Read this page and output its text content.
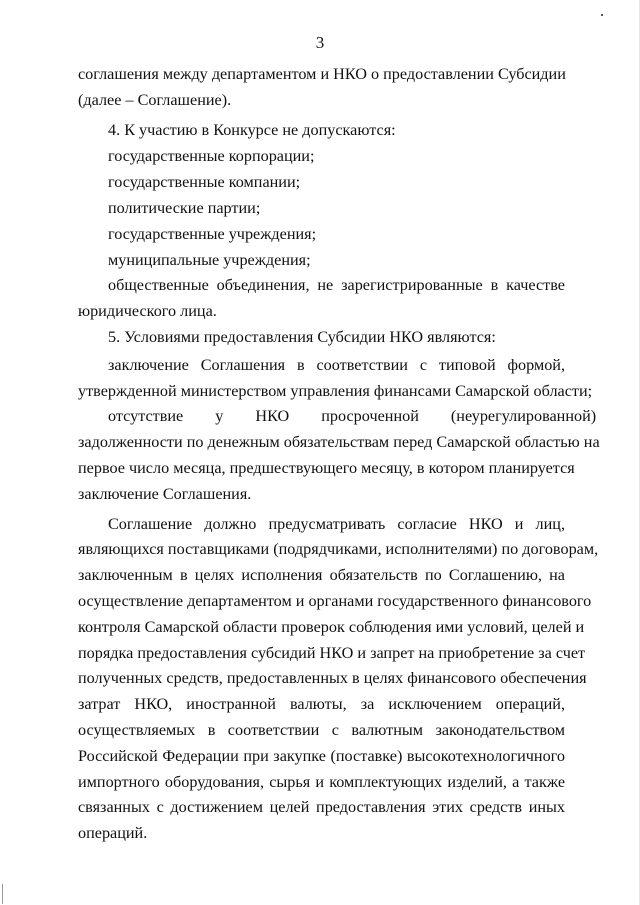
3
соглашения между департаментом и НКО о предоставлении Субсидии
(далее – Соглашение).
4. К участию в Конкурсе не допускаются:
государственные корпорации;
государственные компании;
политические партии;
государственные учреждения;
муниципальные учреждения;
общественные объединения, не зарегистрированные в качестве
юридического лица.
5. Условиями предоставления Субсидии НКО являются:
заключение Соглашения в соответствии с типовой формой,
утвержденной министерством управления финансами Самарской области;
отсутствие у НКО просроченной (неурегулированной)
задолженности по денежным обязательствам перед Самарской областью на
первое число месяца, предшествующего месяцу, в котором планируется
заключение Соглашения.
Соглашение должно предусматривать согласие НКО и лиц,
являющихся поставщиками (подрядчиками, исполнителями) по договорам,
заключенным в целях исполнения обязательств по Соглашению, на
осуществление департаментом и органами государственного финансового
контроля Самарской области проверок соблюдения ими условий, целей и
порядка предоставления субсидий НКО и запрет на приобретение за счет
полученных средств, предоставленных в целях финансового обеспечения
затрат НКО, иностранной валюты, за исключением операций,
осуществляемых в соответствии с валютным законодательством
Российской Федерации при закупке (поставке) высокотехнологичного
импортного оборудования, сырья и комплектующих изделий, а также
связанных с достижением целей предоставления этих средств иных
операций.
